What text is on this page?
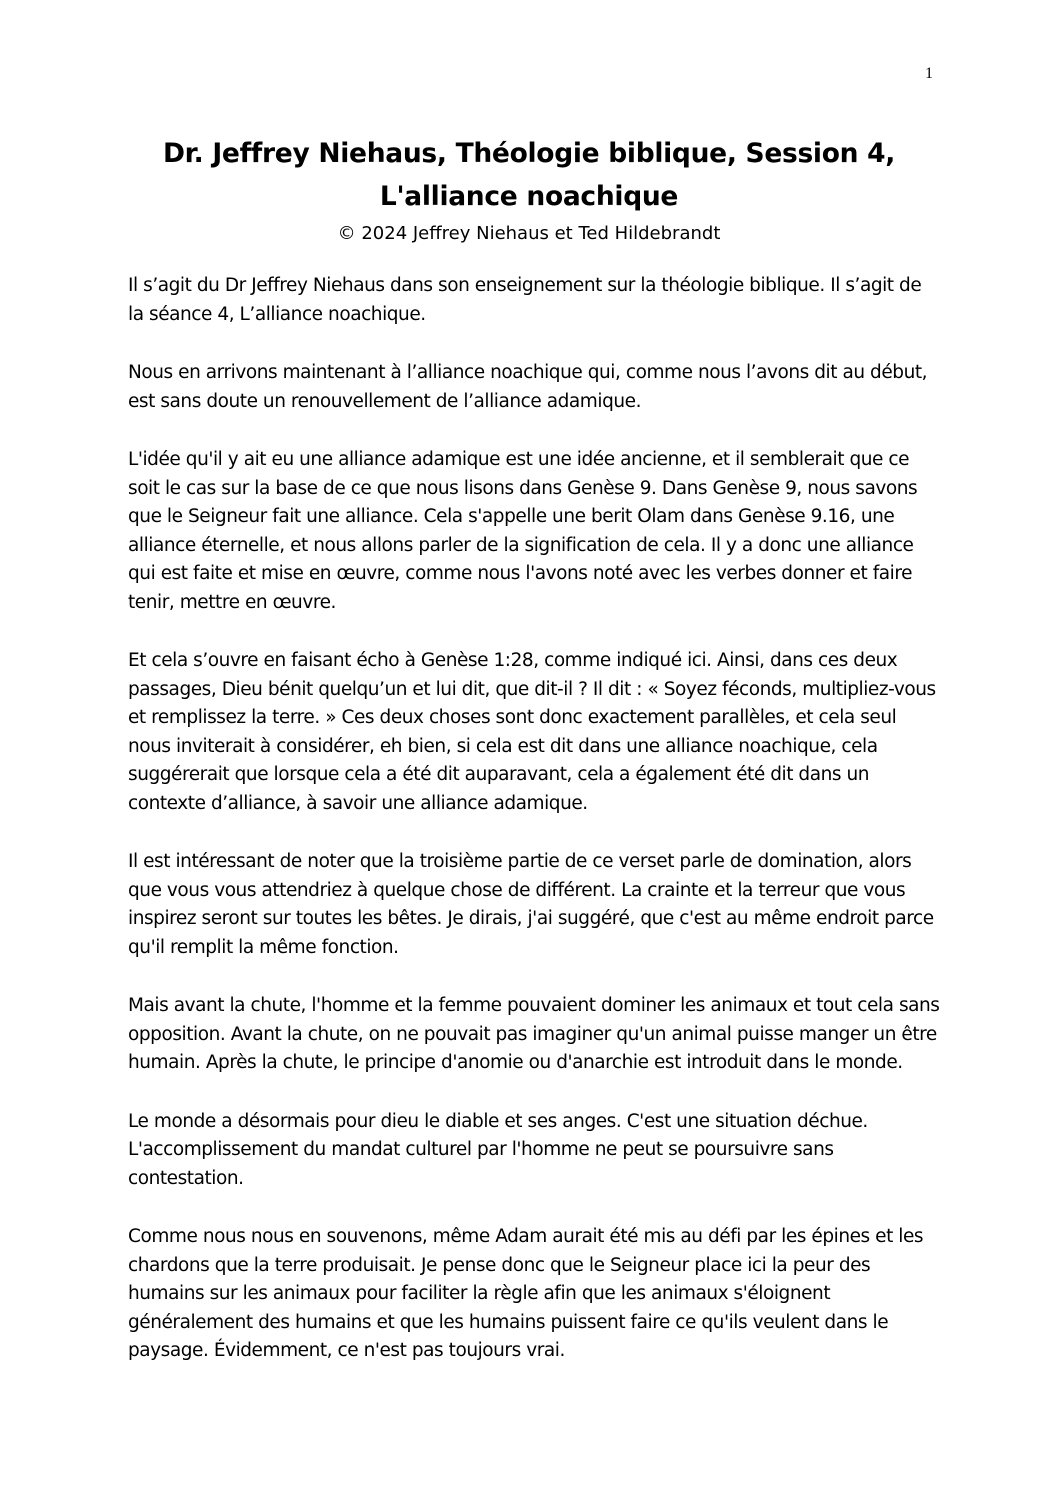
1
Dr. Jeffrey Niehaus, Théologie biblique, Session 4,
L'alliance noachique

© 2024 Jeffrey Niehaus et Ted Hildebrandt

Il s’agit du Dr Jeffrey Niehaus dans son enseignement sur la théologie biblique. Il s’agit de la séance 4, L’alliance noachique.

Nous en arrivons maintenant à l’alliance noachique qui, comme nous l’avons dit au début, est sans doute un renouvellement de l’alliance adamique.

L'idée qu'il y ait eu une alliance adamique est une idée ancienne, et il semblerait que ce soit le cas sur la base de ce que nous lisons dans Genèse 9. Dans Genèse 9, nous savons que le Seigneur fait une alliance. Cela s'appelle une berit Olam dans Genèse 9.16, une alliance éternelle, et nous allons parler de la signification de cela. Il y a donc une alliance qui est faite et mise en œuvre, comme nous l'avons noté avec les verbes donner et faire tenir, mettre en œuvre.

Et cela s’ouvre en faisant écho à Genèse 1:28, comme indiqué ici. Ainsi, dans ces deux passages, Dieu bénit quelqu’un et lui dit, que dit-il ? Il dit : « Soyez féconds, multipliez-vous et remplissez la terre. » Ces deux choses sont donc exactement parallèles, et cela seul nous inviterait à considérer, eh bien, si cela est dit dans une alliance noachique, cela suggérerait que lorsque cela a été dit auparavant, cela a également été dit dans un contexte d’alliance, à savoir une alliance adamique.

Il est intéressant de noter que la troisième partie de ce verset parle de domination, alors que vous vous attendriez à quelque chose de différent. La crainte et la terreur que vous inspirez seront sur toutes les bêtes. Je dirais, j'ai suggéré, que c'est au même endroit parce qu'il remplit la même fonction.

Mais avant la chute, l'homme et la femme pouvaient dominer les animaux et tout cela sans opposition. Avant la chute, on ne pouvait pas imaginer qu'un animal puisse manger un être humain. Après la chute, le principe d'anomie ou d'anarchie est introduit dans le monde.

Le monde a désormais pour dieu le diable et ses anges. C'est une situation déchue. L'accomplissement du mandat culturel par l'homme ne peut se poursuivre sans contestation.

Comme nous nous en souvenons, même Adam aurait été mis au défi par les épines et les chardons que la terre produisait. Je pense donc que le Seigneur place ici la peur des humains sur les animaux pour faciliter la règle afin que les animaux s'éloignent généralement des humains et que les humains puissent faire ce qu'ils veulent dans le paysage. Évidemment, ce n'est pas toujours vrai.
